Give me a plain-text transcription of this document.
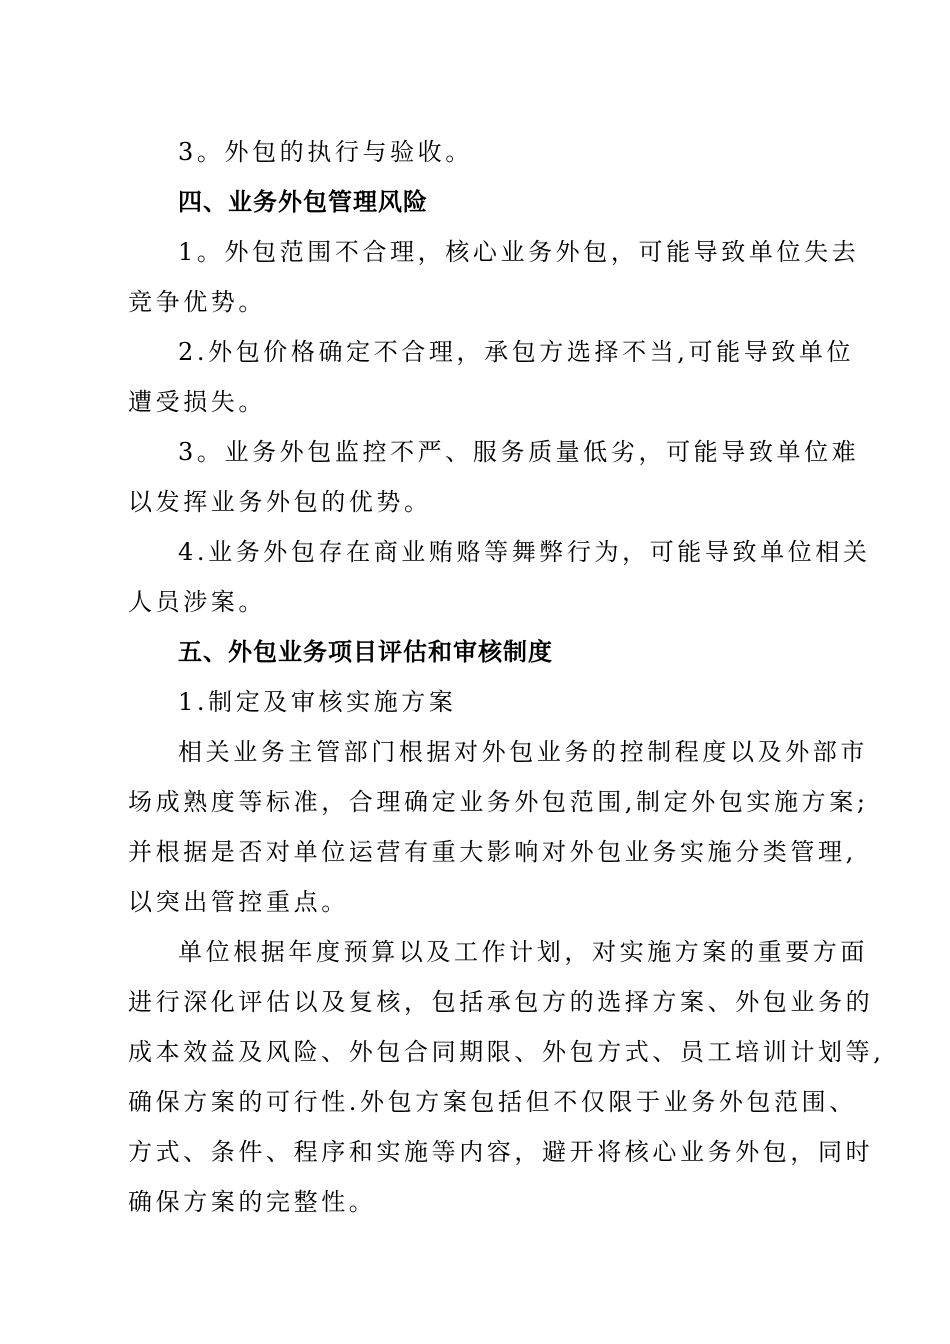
3。外包的执行与验收。
四、业务外包管理风险
1。外包范围不合理，核心业务外包，可能导致单位失去
竞争优势。
2.外包价格确定不合理，承包方选择不当,可能导致单位
遭受损失。
3。业务外包监控不严、服务质量低劣，可能导致单位难
以发挥业务外包的优势。
4.业务外包存在商业贿赂等舞弊行为，可能导致单位相关
人员涉案。
五、外包业务项目评估和审核制度
1.制定及审核实施方案
相关业务主管部门根据对外包业务的控制程度以及外部市
场成熟度等标准，合理确定业务外包范围,制定外包实施方案;
并根据是否对单位运营有重大影响对外包业务实施分类管理,
以突出管控重点。
单位根据年度预算以及工作计划，对实施方案的重要方面
进行深化评估以及复核，包括承包方的选择方案、外包业务的
成本效益及风险、外包合同期限、外包方式、员工培训计划等,
确保方案的可行性.外包方案包括但不仅限于业务外包范围、
方式、条件、程序和实施等内容，避开将核心业务外包，同时
确保方案的完整性。
